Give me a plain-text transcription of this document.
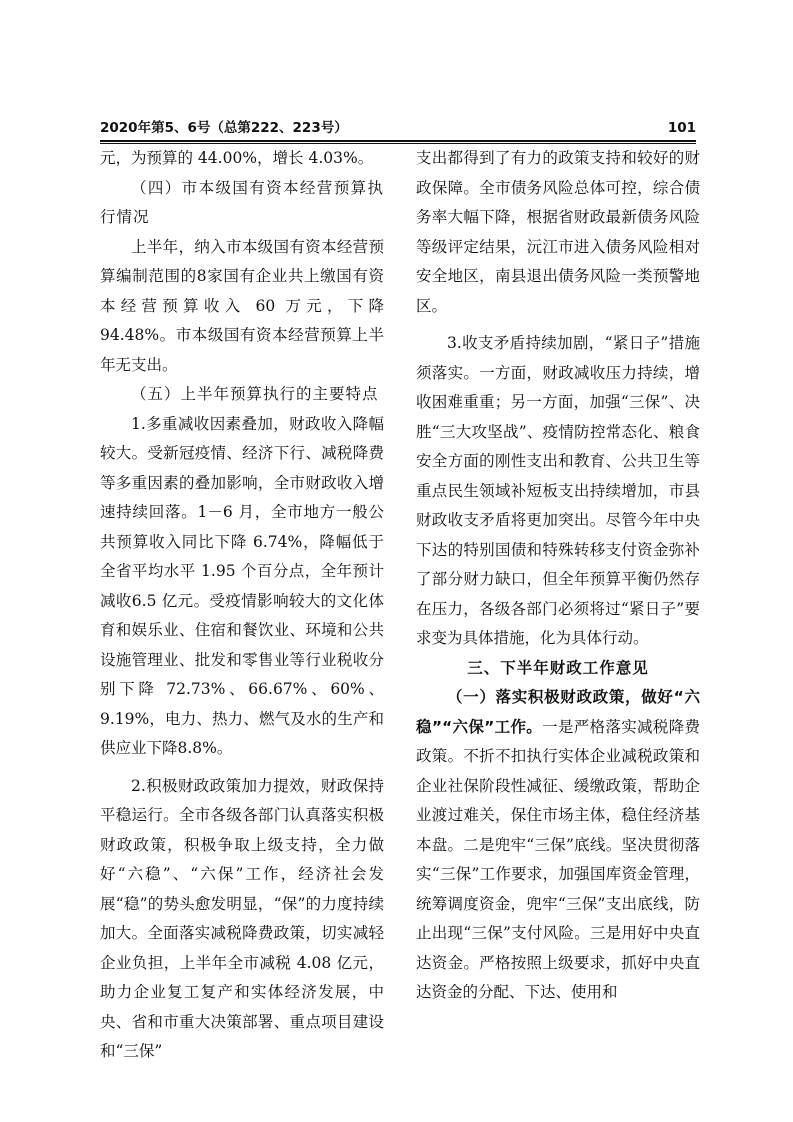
2020年第5、6号（总第222、223号）	101

元，为预算的 44.00%，增长 4.03%。

（四）市本级国有资本经营预算执行情况

上半年，纳入市本级国有资本经营预算编制范围的8家国有企业共上缴国有资本经营预算收入 60 万元，下降 94.48%。市本级国有资本经营预算上半年无支出。

（五）上半年预算执行的主要特点

1.多重减收因素叠加，财政收入降幅较大。受新冠疫情、经济下行、减税降费等多重因素的叠加影响，全市财政收入增速持续回落。1－6 月，全市地方一般公共预算收入同比下降 6.74%，降幅低于全省平均水平 1.95 个百分点，全年预计减收6.5 亿元。受疫情影响较大的文化体育和娱乐业、住宿和餐饮业、环境和公共设施管理业、批发和零售业等行业税收分别下降 72.73%、66.67%、60%、9.19%，电力、热力、燃气及水的生产和供应业下降8.8%。

2.积极财政政策加力提效，财政保持平稳运行。全市各级各部门认真落实积极财政政策，积极争取上级支持，全力做好“六稳”、“六保”工作，经济社会发展“稳”的势头愈发明显，“保”的力度持续加大。全面落实减税降费政策，切实减轻企业负担，上半年全市减税 4.08 亿元，助力企业复工复产和实体经济发展，中央、省和市重大决策部署、重点项目建设和“三保”

支出都得到了有力的政策支持和较好的财政保障。全市债务风险总体可控，综合债务率大幅下降，根据省财政最新债务风险等级评定结果，沅江市进入债务风险相对安全地区，南县退出债务风险一类预警地区。

3.收支矛盾持续加剧，“紧日子”措施须落实。一方面，财政减收压力持续，增收困难重重；另一方面，加强“三保”、决胜“三大攻坚战”、疫情防控常态化、粮食安全方面的刚性支出和教育、公共卫生等重点民生领域补短板支出持续增加，市县财政收支矛盾将更加突出。尽管今年中央下达的特别国债和特殊转移支付资金弥补了部分财力缺口，但全年预算平衡仍然存在压力，各级各部门必须将过“紧日子”要求变为具体措施，化为具体行动。

三、下半年财政工作意见

（一）落实积极财政政策，做好“六稳”“六保”工作。一是严格落实减税降费政策。不折不扣执行实体企业减税政策和企业社保阶段性减征、缓缴政策，帮助企业渡过难关，保住市场主体，稳住经济基本盘。二是兜牢“三保”底线。坚决贯彻落实“三保”工作要求，加强国库资金管理，统筹调度资金，兜牢“三保”支出底线，防止出现“三保”支付风险。三是用好中央直达资金。严格按照上级要求，抓好中央直达资金的分配、下达、使用和
